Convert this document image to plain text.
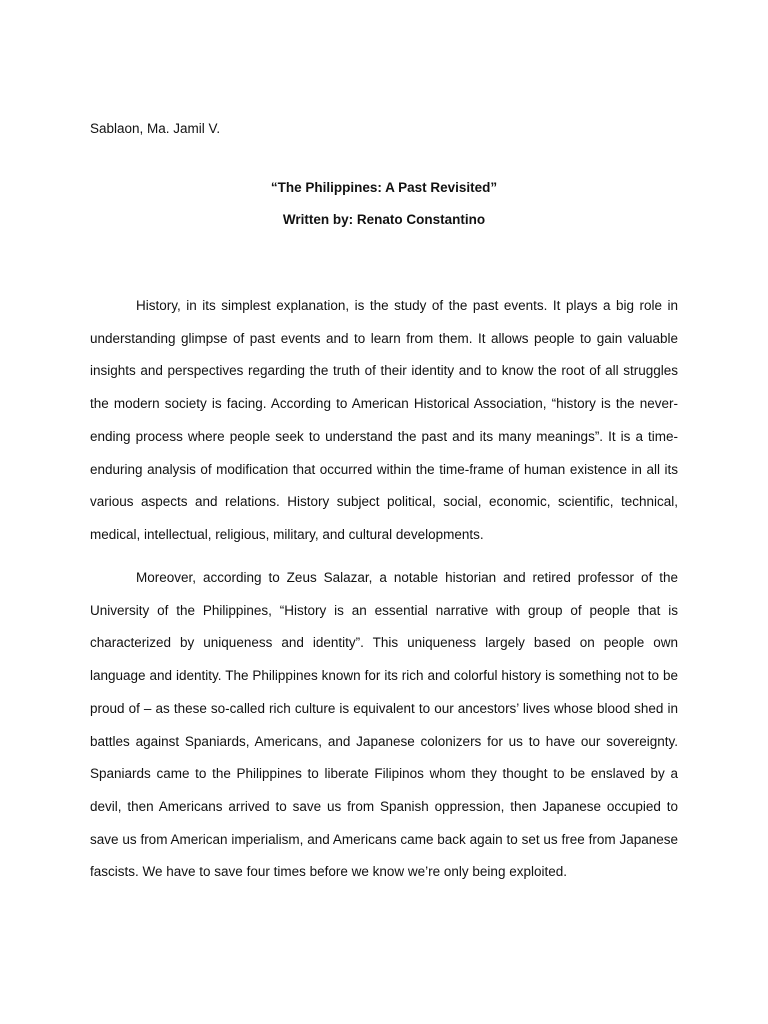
Sablaon, Ma. Jamil V.
“The Philippines: A Past Revisited”
Written by: Renato Constantino

History, in its simplest explanation, is the study of the past events. It plays a big role in understanding glimpse of past events and to learn from them. It allows people to gain valuable insights and perspectives regarding the truth of their identity and to know the root of all struggles the modern society is facing. According to American Historical Association, “history is the never-ending process where people seek to understand the past and its many meanings”. It is a time-enduring analysis of modification that occurred within the time-frame of human existence in all its various aspects and relations. History subject political, social, economic, scientific, technical, medical, intellectual, religious, military, and cultural developments.

Moreover, according to Zeus Salazar, a notable historian and retired professor of the University of the Philippines, “History is an essential narrative with group of people that is characterized by uniqueness and identity”. This uniqueness largely based on people own language and identity. The Philippines known for its rich and colorful history is something not to be proud of – as these so-called rich culture is equivalent to our ancestors’ lives whose blood shed in battles against Spaniards, Americans, and Japanese colonizers for us to have our sovereignty. Spaniards came to the Philippines to liberate Filipinos whom they thought to be enslaved by a devil, then Americans arrived to save us from Spanish oppression, then Japanese occupied to save us from American imperialism, and Americans came back again to set us free from Japanese fascists. We have to save four times before we know we’re only being exploited.
